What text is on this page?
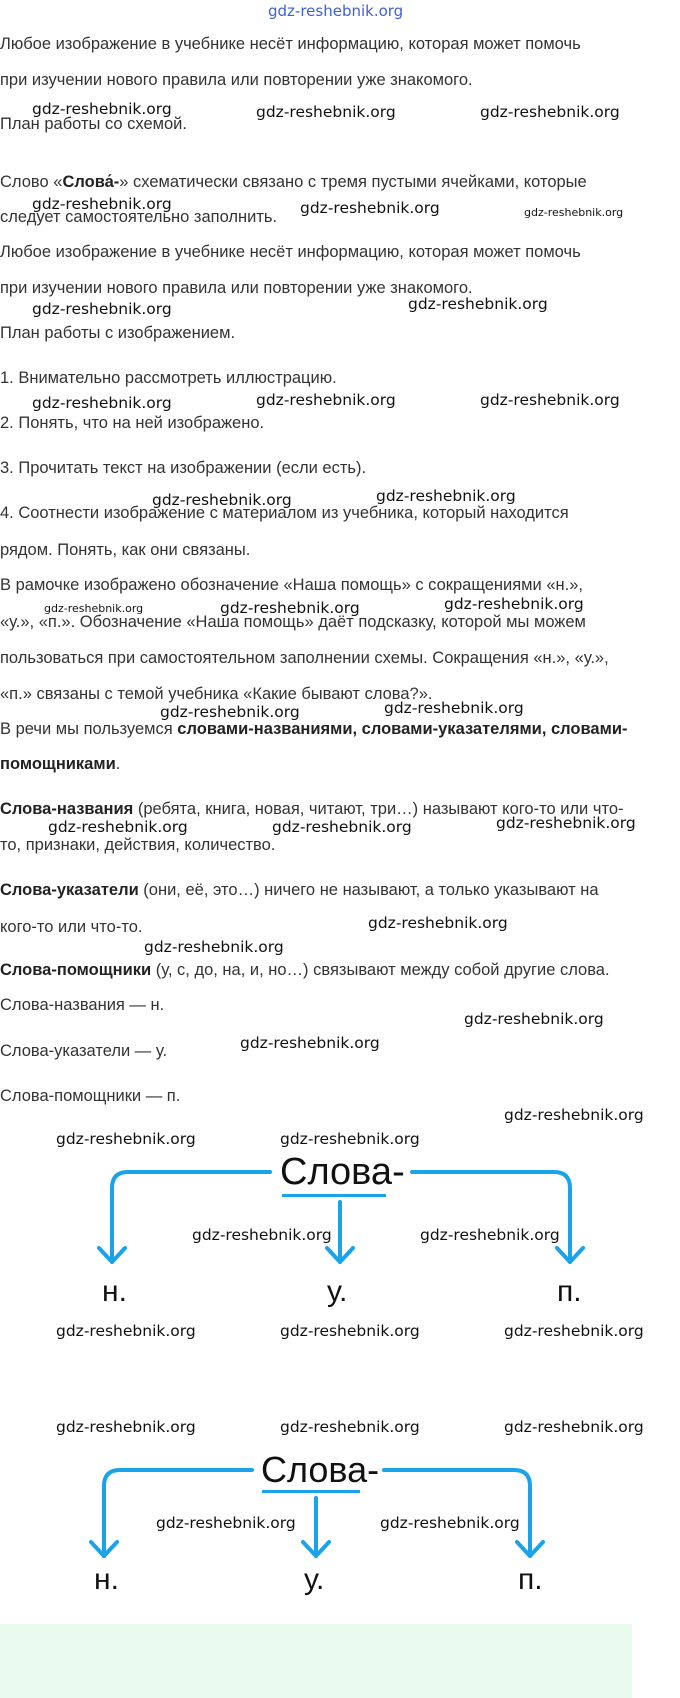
gdz-reshebnik.org
Любое изображение в учебнике несёт информацию, которая может помочь
при изучении нового правила или повторении уже знакомого.
План работы со схемой.
Слово «Слова́-» схематически связано с тремя пустыми ячейками, которые
следует самостоятельно заполнить.
Любое изображение в учебнике несёт информацию, которая может помочь
при изучении нового правила или повторении уже знакомого.
План работы с изображением.
1. Внимательно рассмотреть иллюстрацию.
2. Понять, что на ней изображено.
3. Прочитать текст на изображении (если есть).
4. Соотнести изображение с материалом из учебника, который находится
рядом. Понять, как они связаны.
В рамочке изображено обозначение «Наша помощь» с сокращениями «н.»,
«у.», «п.». Обозначение «Наша помощь» даёт подсказку, которой мы можем
пользоваться при самостоятельном заполнении схемы. Сокращения «н.», «у.»,
«п.» связаны с темой учебника «Какие бывают слова?».
В речи мы пользуемся словами-названиями, словами-указателями, словами-
помощниками.
Слова-названия (ребята, книга, новая, читают, три…) называют кого-то или что-
то, признаки, действия, количество.
Слова-указатели (они, её, это…) ничего не называют, а только указывают на
кого-то или что-то.
Слова-помощники (у, с, до, на, и, но…) связывают между собой другие слова.
Слова-названия — н.
Слова-указатели — у.
Слова-помощники — п.
gdz-reshebnik.org	gdz-reshebnik.org	gdz-reshebnik.org
gdz-reshebnik.org	gdz-reshebnik.org	gdz-reshebnik.org
gdz-reshebnik.org	gdz-reshebnik.org
gdz-reshebnik.org	gdz-reshebnik.org	gdz-reshebnik.org
gdz-reshebnik.org	gdz-reshebnik.org
gdz-reshebnik.org	gdz-reshebnik.org	gdz-reshebnik.org
gdz-reshebnik.org	gdz-reshebnik.org
gdz-reshebnik.org	gdz-reshebnik.org	gdz-reshebnik.org
gdz-reshebnik.org
gdz-reshebnik.org
gdz-reshebnik.org
gdz-reshebnik.org
gdz-reshebnik.org
Слова-
н.	у.	п.
gdz-reshebnik.org	gdz-reshebnik.org
gdz-reshebnik.org	gdz-reshebnik.org
gdz-reshebnik.org	gdz-reshebnik.org	gdz-reshebnik.org
Слова-
н.	у.	п.
gdz-reshebnik.org	gdz-reshebnik.org	gdz-reshebnik.org
gdz-reshebnik.org	gdz-reshebnik.org
